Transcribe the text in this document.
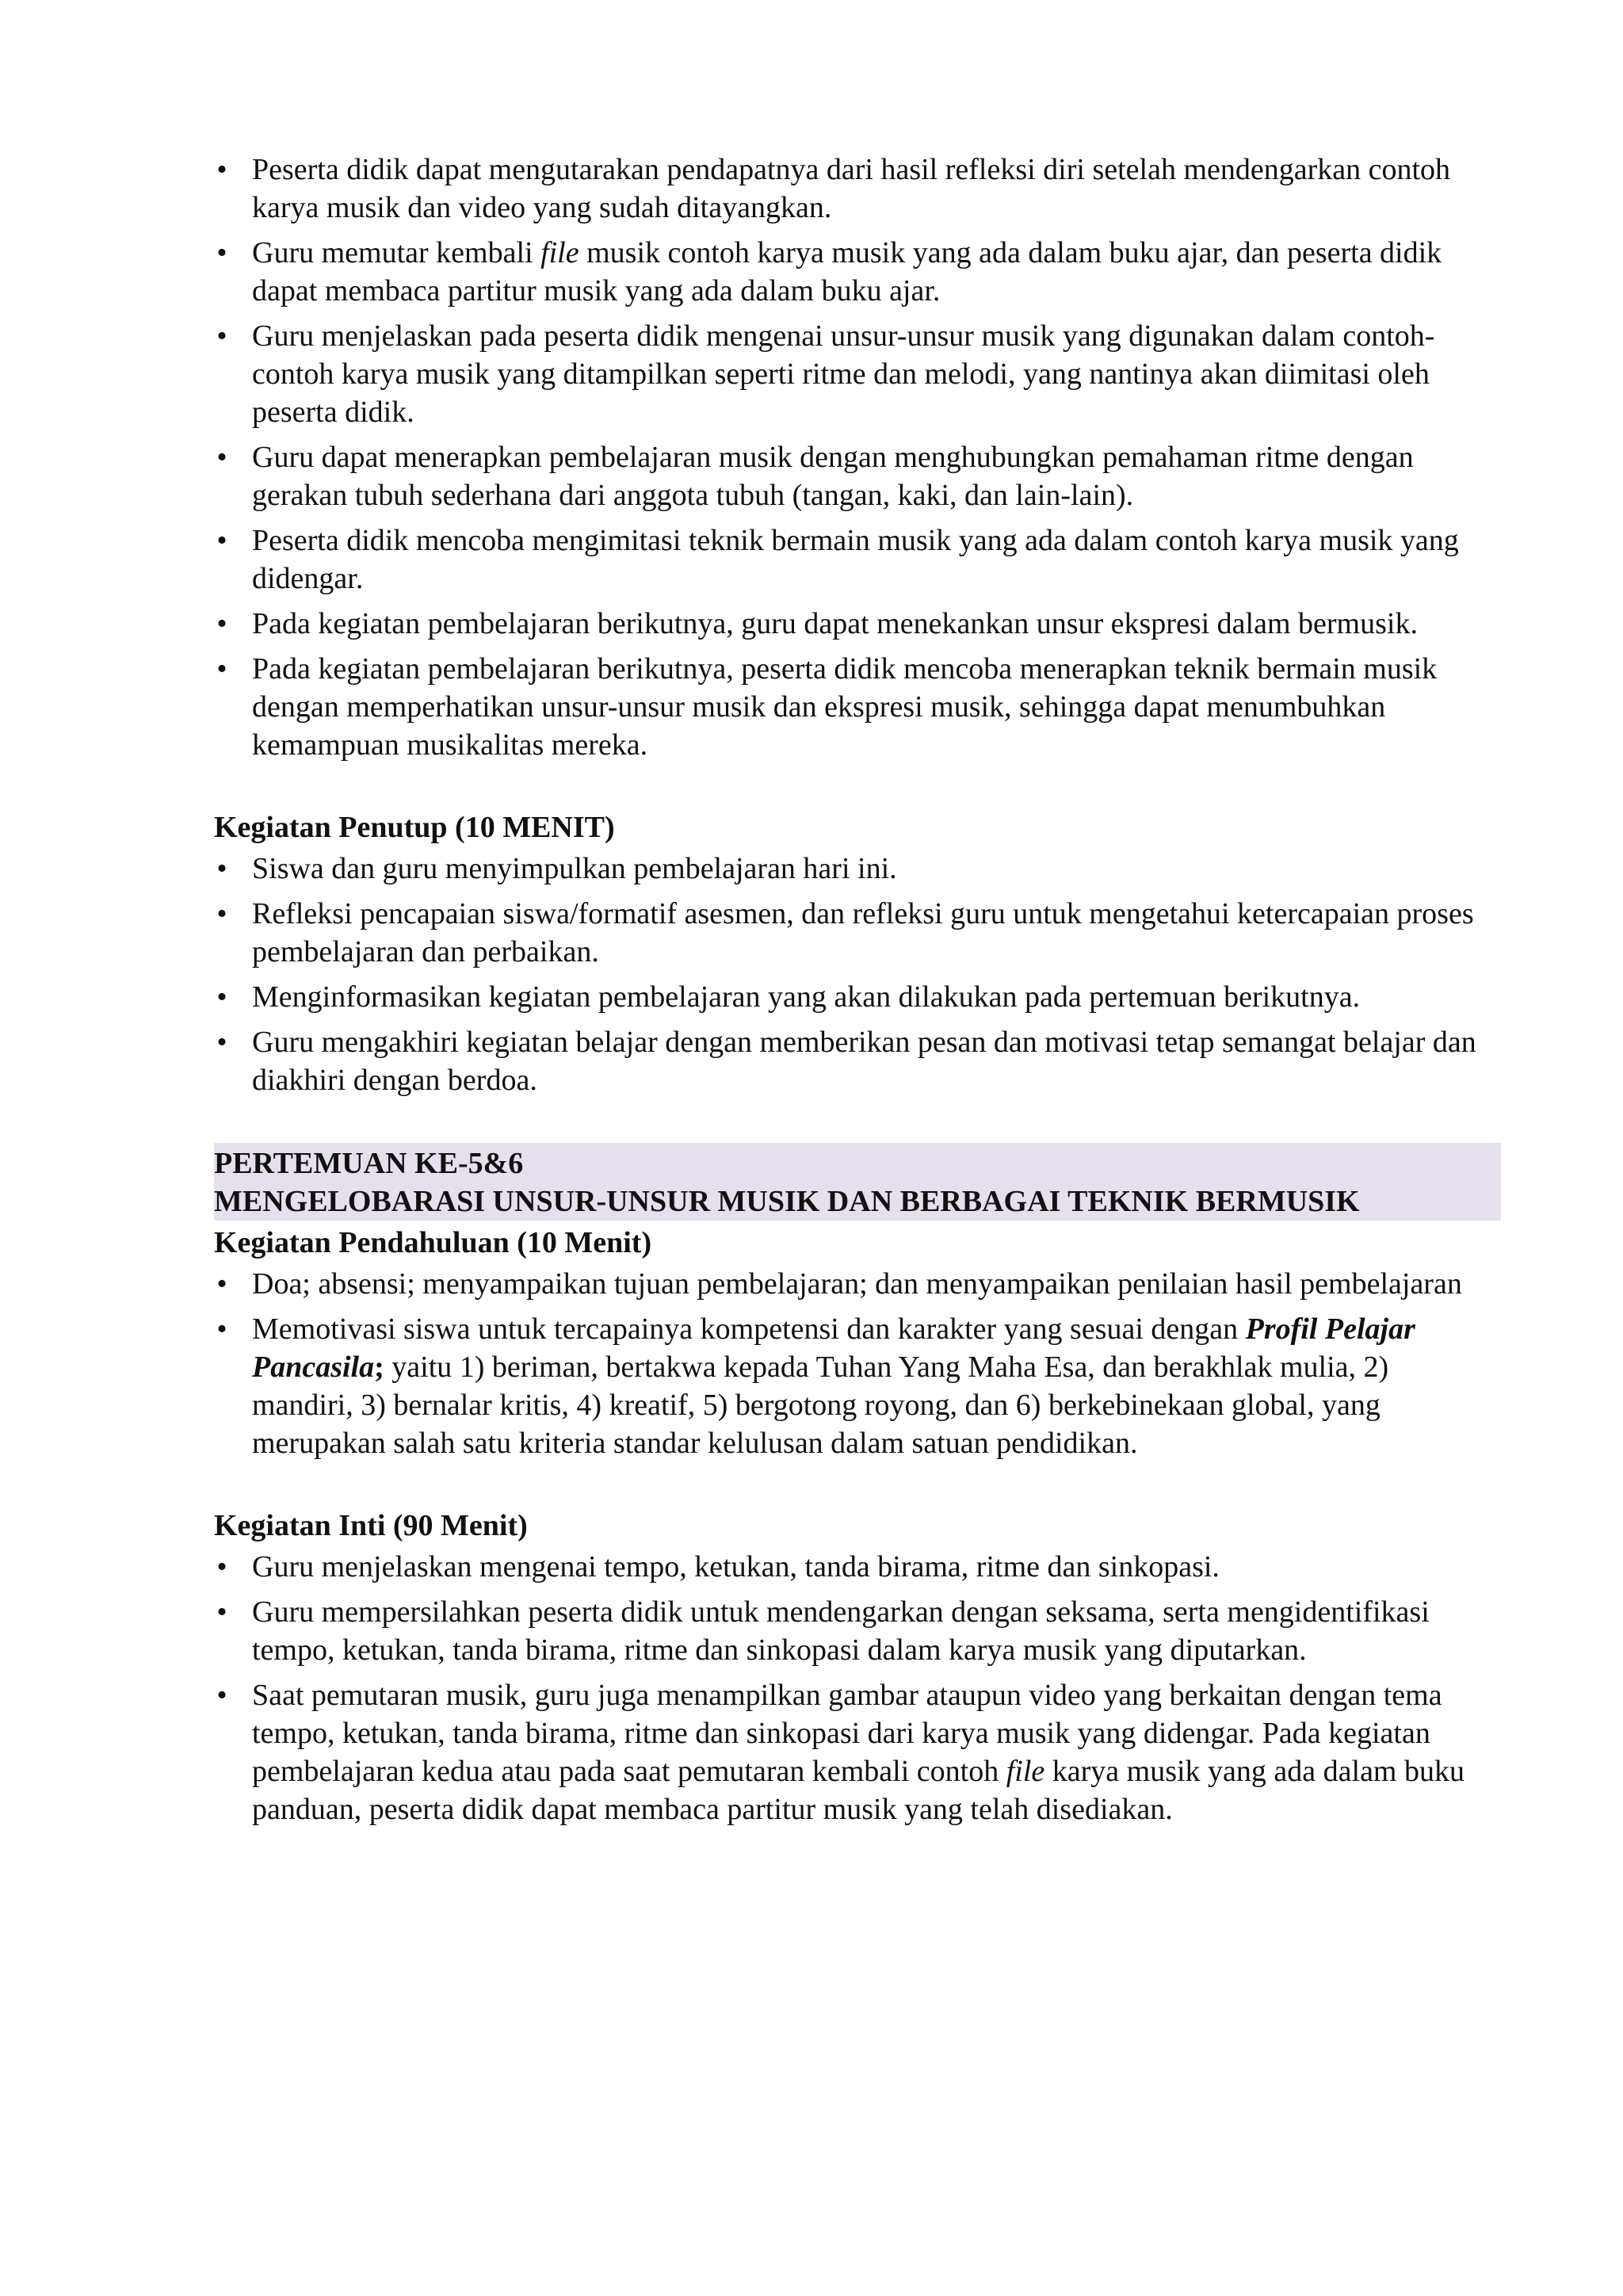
• Peserta didik dapat mengutarakan pendapatnya dari hasil refleksi diri setelah mendengarkan contoh karya musik dan video yang sudah ditayangkan.
• Guru memutar kembali file musik contoh karya musik yang ada dalam buku ajar, dan peserta didik dapat membaca partitur musik yang ada dalam buku ajar.
• Guru menjelaskan pada peserta didik mengenai unsur-unsur musik yang digunakan dalam contoh-contoh karya musik yang ditampilkan seperti ritme dan melodi, yang nantinya akan diimitasi oleh peserta didik.
• Guru dapat menerapkan pembelajaran musik dengan menghubungkan pemahaman ritme dengan gerakan tubuh sederhana dari anggota tubuh (tangan, kaki, dan lain-lain).
• Peserta didik mencoba mengimitasi teknik bermain musik yang ada dalam contoh karya musik yang didengar.
• Pada kegiatan pembelajaran berikutnya, guru dapat menekankan unsur ekspresi dalam bermusik.
• Pada kegiatan pembelajaran berikutnya, peserta didik mencoba menerapkan teknik bermain musik dengan memperhatikan unsur-unsur musik dan ekspresi musik, sehingga dapat menumbuhkan kemampuan musikalitas mereka.
Kegiatan Penutup (10 MENIT)
• Siswa dan guru menyimpulkan pembelajaran hari ini.
• Refleksi pencapaian siswa/formatif asesmen, dan refleksi guru untuk mengetahui ketercapaian proses pembelajaran dan perbaikan.
• Menginformasikan kegiatan pembelajaran yang akan dilakukan pada pertemuan berikutnya.
• Guru mengakhiri kegiatan belajar dengan memberikan pesan dan motivasi tetap semangat belajar dan diakhiri dengan berdoa.
PERTEMUAN KE-5&6
MENGELOBARASI UNSUR-UNSUR MUSIK DAN BERBAGAI TEKNIK BERMUSIK
Kegiatan Pendahuluan (10 Menit)
• Doa; absensi; menyampaikan tujuan pembelajaran; dan menyampaikan penilaian hasil pembelajaran
• Memotivasi siswa untuk tercapainya kompetensi dan karakter yang sesuai dengan Profil Pelajar Pancasila; yaitu 1) beriman, bertakwa kepada Tuhan Yang Maha Esa, dan berakhlak mulia, 2) mandiri, 3) bernalar kritis, 4) kreatif, 5) bergotong royong, dan 6) berkebinekaan global, yang merupakan salah satu kriteria standar kelulusan dalam satuan pendidikan.
Kegiatan Inti (90 Menit)
• Guru menjelaskan mengenai tempo, ketukan, tanda birama, ritme dan sinkopasi.
• Guru mempersilahkan peserta didik untuk mendengarkan dengan seksama, serta mengidentifikasi tempo, ketukan, tanda birama, ritme dan sinkopasi dalam karya musik yang diputarkan.
• Saat pemutaran musik, guru juga menampilkan gambar ataupun video yang berkaitan dengan tema tempo, ketukan, tanda birama, ritme dan sinkopasi dari karya musik yang didengar. Pada kegiatan pembelajaran kedua atau pada saat pemutaran kembali contoh file karya musik yang ada dalam buku panduan, peserta didik dapat membaca partitur musik yang telah disediakan.
